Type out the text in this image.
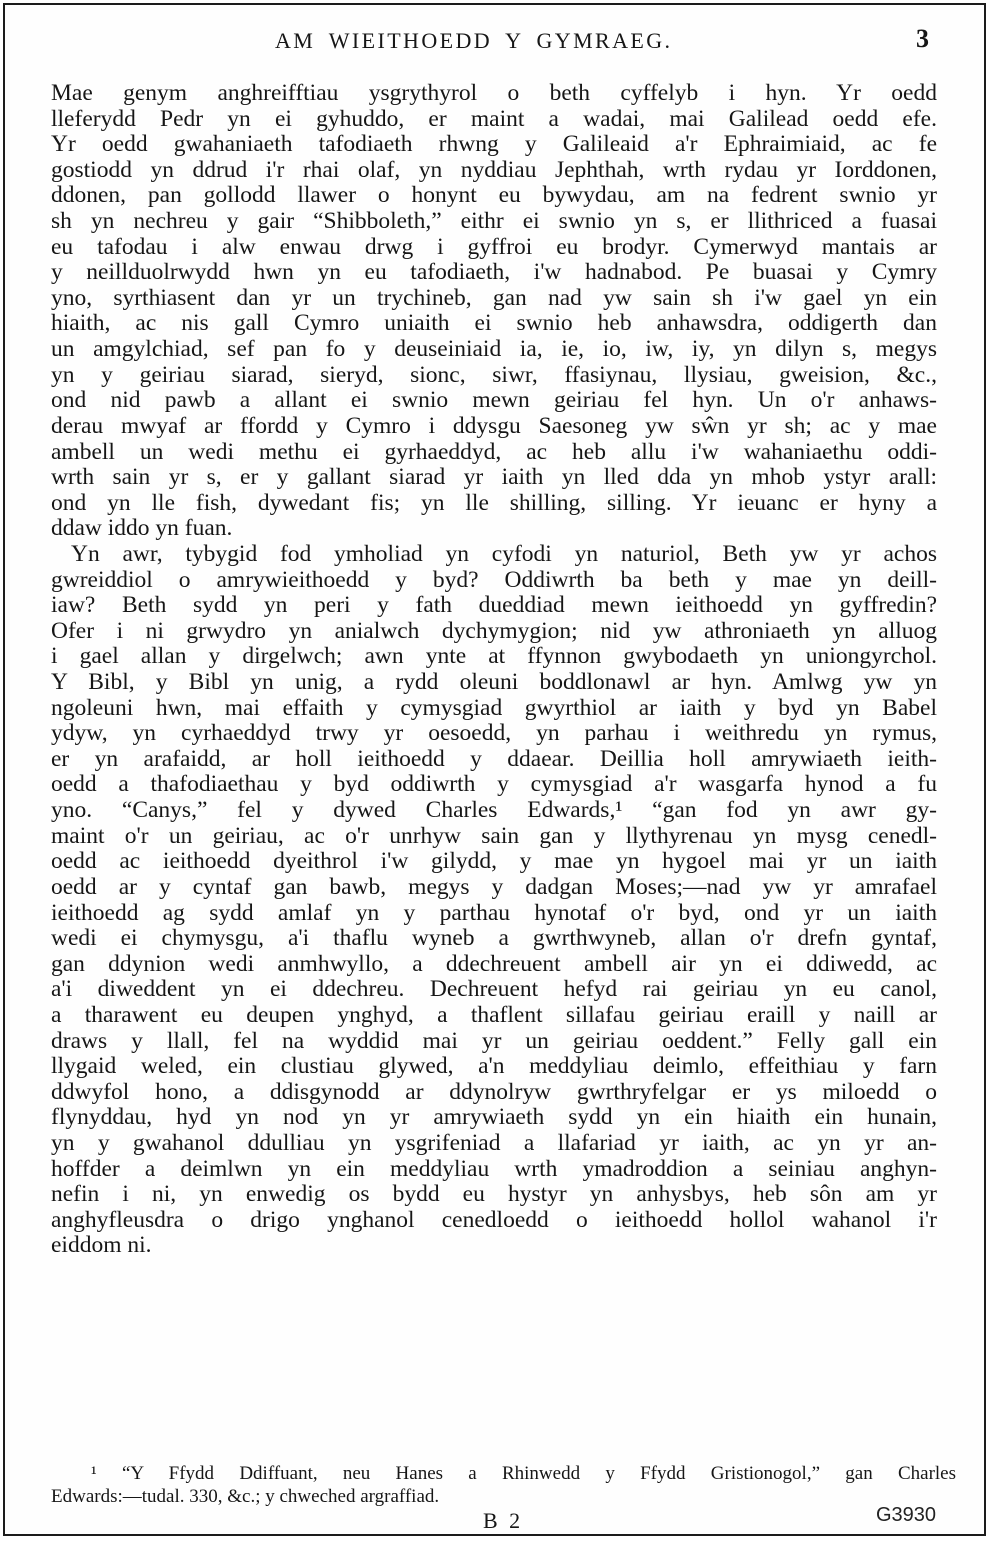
AM WIEITHOEDD Y GYMRAEG.	3
Mae genym anghreifftiau ysgrythyrol o beth cyffelyb i hyn. Yr oedd
lleferydd Pedr yn ei gyhuddo, er maint a wadai, mai Galilead oedd efe.
Yr oedd gwahaniaeth tafodiaeth rhwng y Galileaid a'r Ephraimiaid, ac fe
gostiodd yn ddrud i'r rhai olaf, yn nyddiau Jephthah, wrth rydau yr Iorddonen,
ddonen, pan gollodd llawer o honynt eu bywydau, am na fedrent swnio yr
sh yn nechreu y gair “Shibboleth,” eithr ei swnio yn s, er llithriced a fuasai
eu tafodau i alw enwau drwg i gyffroi eu brodyr. Cymerwyd mantais ar
y neillduolrwydd hwn yn eu tafodiaeth, i'w hadnabod. Pe buasai y Cymry
yno, syrthiasent dan yr un trychineb, gan nad yw sain sh i'w gael yn ein
hiaith, ac nis gall Cymro uniaith ei swnio heb anhawsdra, oddigerth dan
un amgylchiad, sef pan fo y deuseiniaid ia, ie, io, iw, iy, yn dilyn s, megys
yn y geiriau siarad, sieryd, sionc, siwr, ffasiynau, llysiau, gweision, &c.,
ond nid pawb a allant ei swnio mewn geiriau fel hyn. Un o'r anhaws-
derau mwyaf ar ffordd y Cymro i ddysgu Saesoneg yw sŵn yr sh; ac y mae
ambell un wedi methu ei gyrhaeddyd, ac heb allu i'w wahaniaethu oddi-
wrth sain yr s, er y gallant siarad yr iaith yn lled dda yn mhob ystyr arall:
ond yn lle fish, dywedant fis; yn lle shilling, silling. Yr ieuanc er hyny a
ddaw iddo yn fuan.
Yn awr, tybygid fod ymholiad yn cyfodi yn naturiol, Beth yw yr achos
gwreiddiol o amrywieithoedd y byd? Oddiwrth ba beth y mae yn deill-
iaw? Beth sydd yn peri y fath dueddiad mewn ieithoedd yn gyffredin?
Ofer i ni grwydro yn anialwch dychymygion; nid yw athroniaeth yn alluog
i gael allan y dirgelwch; awn ynte at ffynnon gwybodaeth yn uniongyrchol.
Y Bibl, y Bibl yn unig, a rydd oleuni boddlonawl ar hyn. Amlwg yw yn
ngoleuni hwn, mai effaith y cymysgiad gwyrthiol ar iaith y byd yn Babel
ydyw, yn cyrhaeddyd trwy yr oesoedd, yn parhau i weithredu yn rymus,
er yn arafaidd, ar holl ieithoedd y ddaear. Deillia holl amrywiaeth ieith-
oedd a thafodiaethau y byd oddiwrth y cymysgiad a'r wasgarfa hynod a fu
yno. “Canys,” fel y dywed Charles Edwards,¹ “gan fod yn awr gy-
maint o'r un geiriau, ac o'r unrhyw sain gan y llythyrenau yn mysg cenedl-
oedd ac ieithoedd dyeithrol i'w gilydd, y mae yn hygoel mai yr un iaith
oedd ar y cyntaf gan bawb, megys y dadgan Moses;—nad yw yr amrafael
ieithoedd ag sydd amlaf yn y parthau hynotaf o'r byd, ond yr un iaith
wedi ei chymysgu, a'i thaflu wyneb a gwrthwyneb, allan o'r drefn gyntaf,
gan ddynion wedi anmhwyllo, a ddechreuent ambell air yn ei ddiwedd, ac
a'i diweddent yn ei ddechreu. Dechreuent hefyd rai geiriau yn eu canol,
a tharawent eu deupen ynghyd, a thaflent sillafau geiriau eraill y naill ar
draws y llall, fel na wyddid mai yr un geiriau oeddent.” Felly gall ein
llygaid weled, ein clustiau glywed, a'n meddyliau deimlo, effeithiau y farn
ddwyfol hono, a ddisgynodd ar ddynolryw gwrthryfelgar er ys miloedd o
flynyddau, hyd yn nod yn yr amrywiaeth sydd yn ein hiaith ein hunain,
yn y gwahanol ddulliau yn ysgrifeniad a llafariad yr iaith, ac yn yr an-
hoffder a deimlwn yn ein meddyliau wrth ymadroddion a seiniau anghyn-
nefin i ni, yn enwedig os bydd eu hystyr yn anhysbys, heb sôn am yr
anghyfleusdra o drigo ynghanol cenedloedd o ieithoedd hollol wahanol i'r
eiddom ni.
¹ “Y Ffydd Ddiffuant, neu Hanes a Rhinwedd y Ffydd Gristionogol,” gan Charles
Edwards:—tudal. 330, &c.; y chweched argraffiad.
B 2	G3930
